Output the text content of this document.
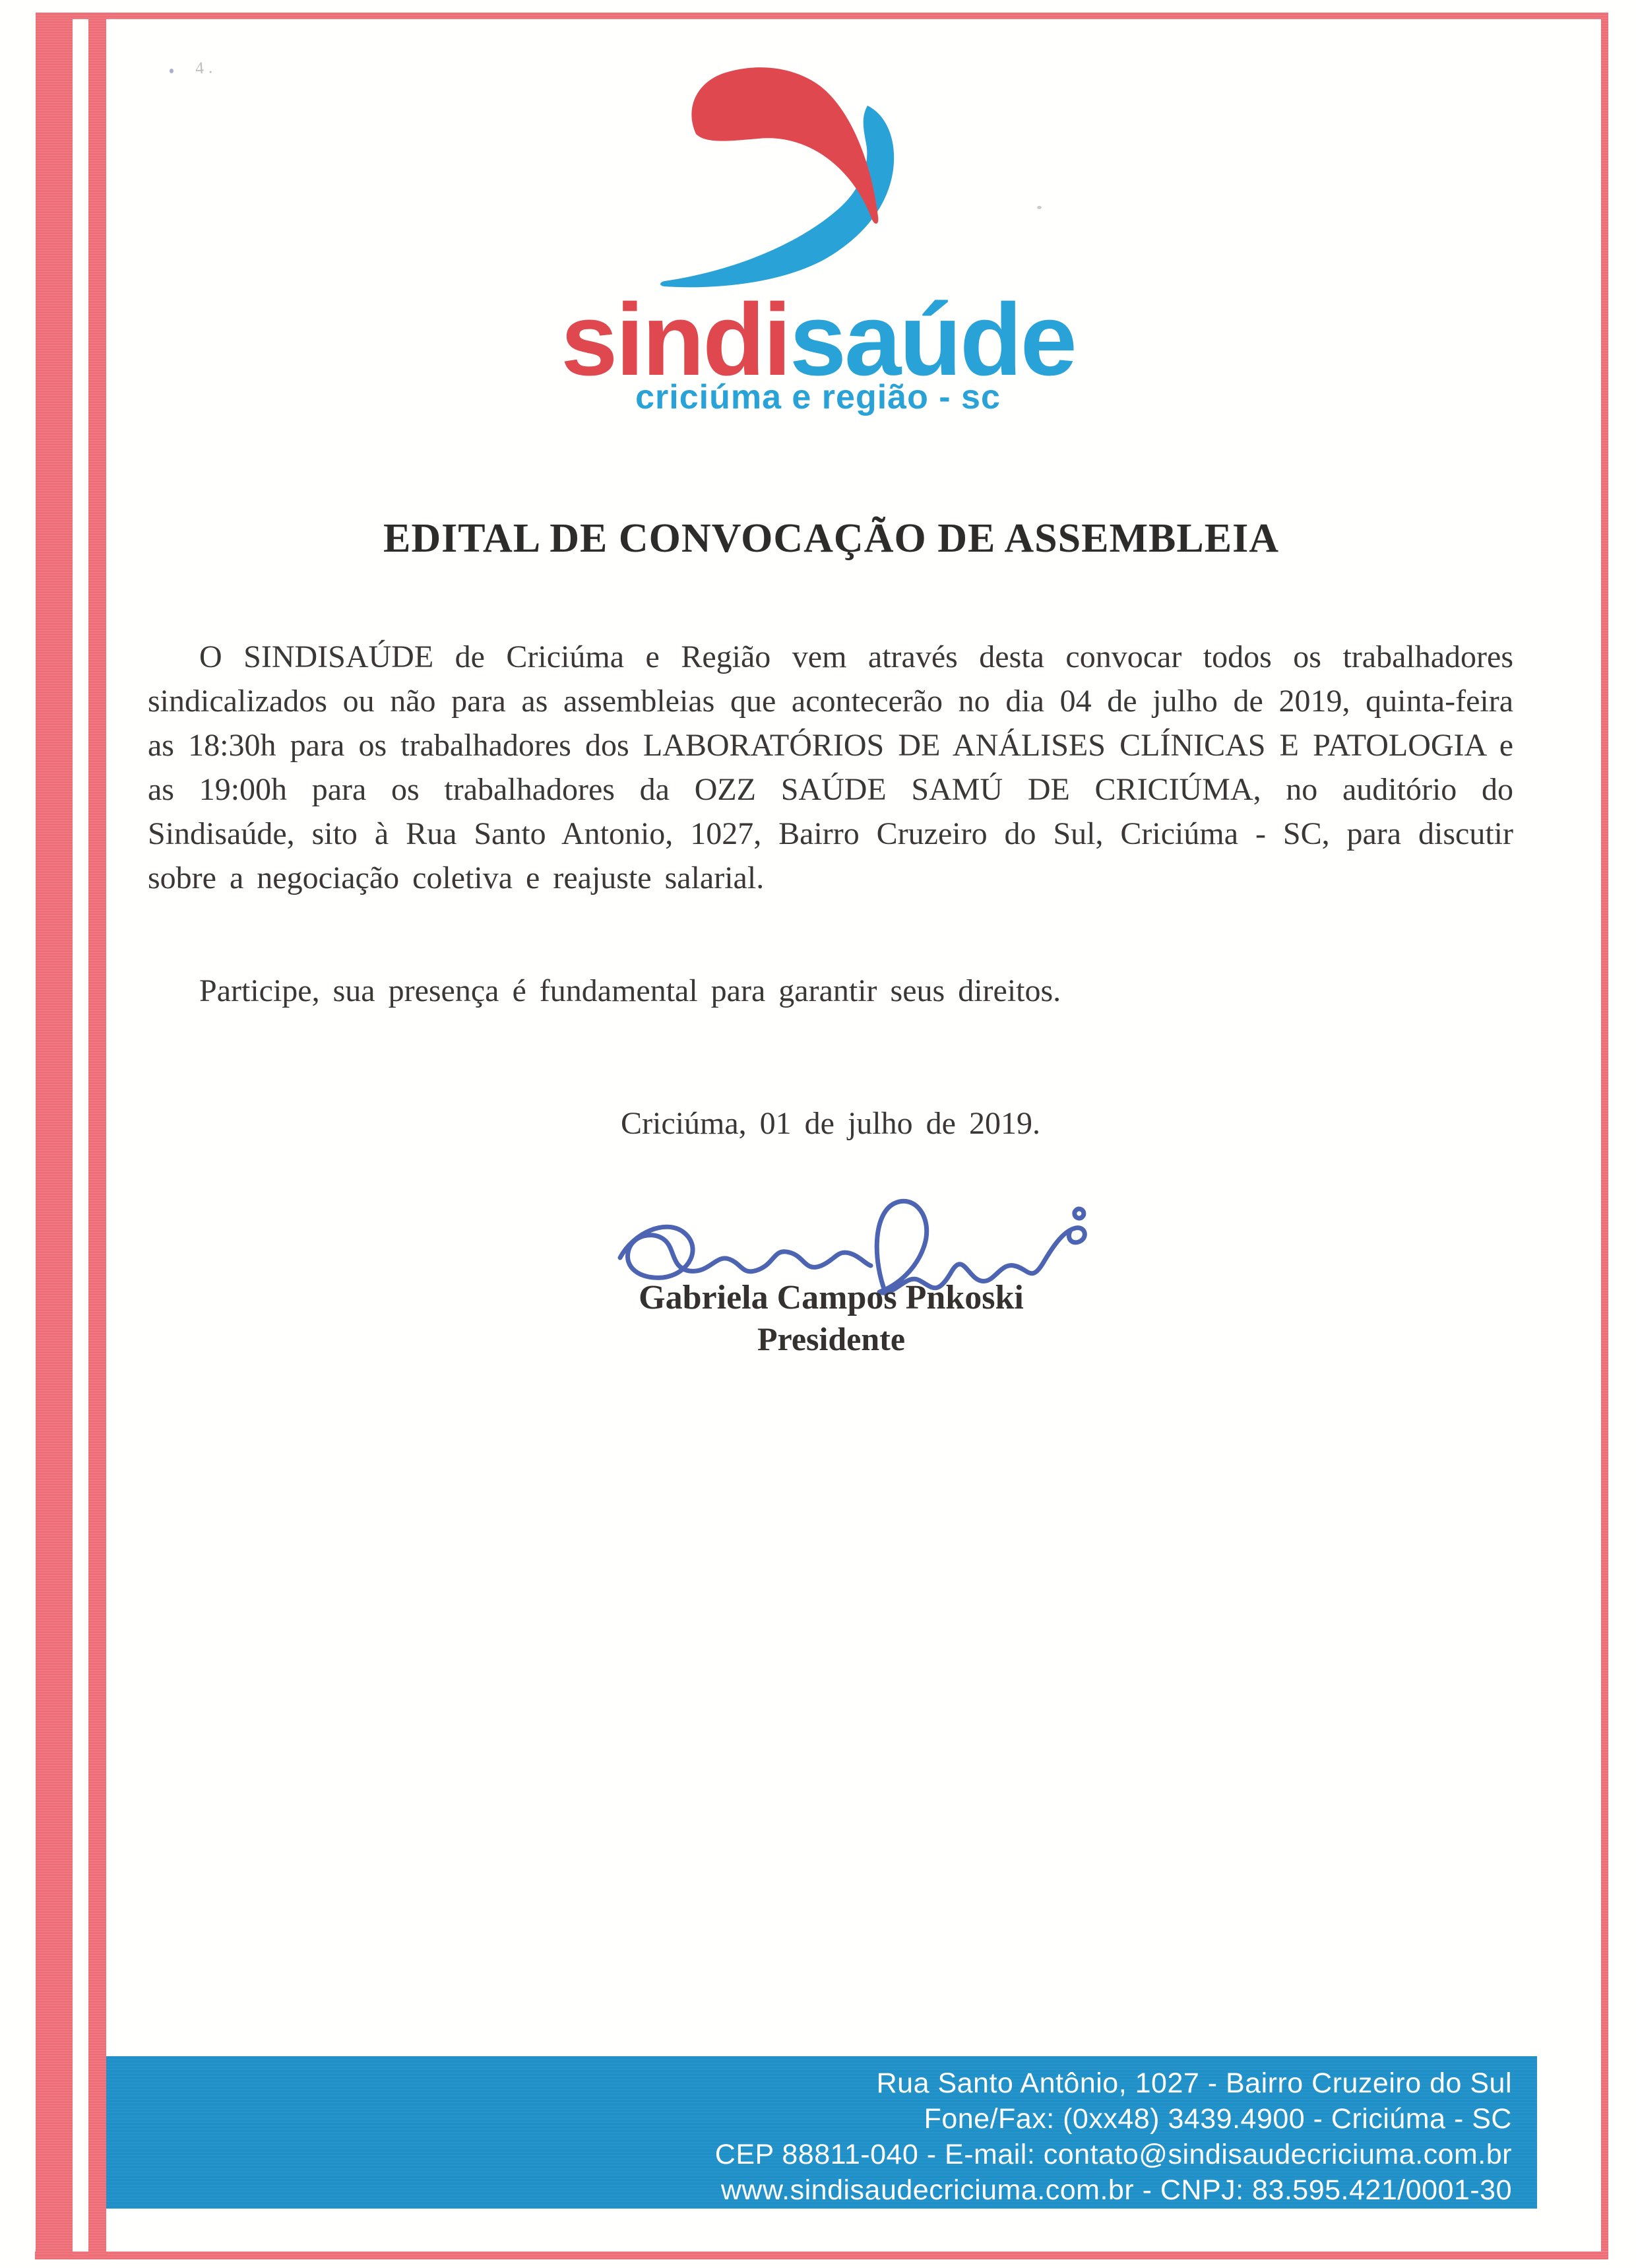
sindisaúde
criciúma e região - sc
EDITAL DE CONVOCAÇÃO DE ASSEMBLEIA

O SINDISAÚDE de Criciúma e Região vem através desta convocar todos os trabalhadores sindicalizados ou não para as assembleias que acontecerão no dia 04 de julho de 2019, quinta-feira as 18:30h para os trabalhadores dos LABORATÓRIOS DE ANÁLISES CLÍNICAS E PATOLOGIA e as 19:00h para os trabalhadores da OZZ SAÚDE SAMÚ DE CRICIÚMA, no auditório do Sindisaúde, sito à Rua Santo Antonio, 1027, Bairro Cruzeiro do Sul, Criciúma - SC, para discutir sobre a negociação coletiva e reajuste salarial.

Participe, sua presença é fundamental para garantir seus direitos.

Criciúma, 01 de julho de 2019.

Gabriela Campos Pnkoski
Presidente
Rua Santo Antônio, 1027 - Bairro Cruzeiro do Sul
Fone/Fax: (0xx48) 3439.4900 - Criciúma - SC
CEP 88811-040 - E-mail: contato@sindisaudecriciuma.com.br
www.sindisaudecriciuma.com.br - CNPJ: 83.595.421/0001-30
4 .
